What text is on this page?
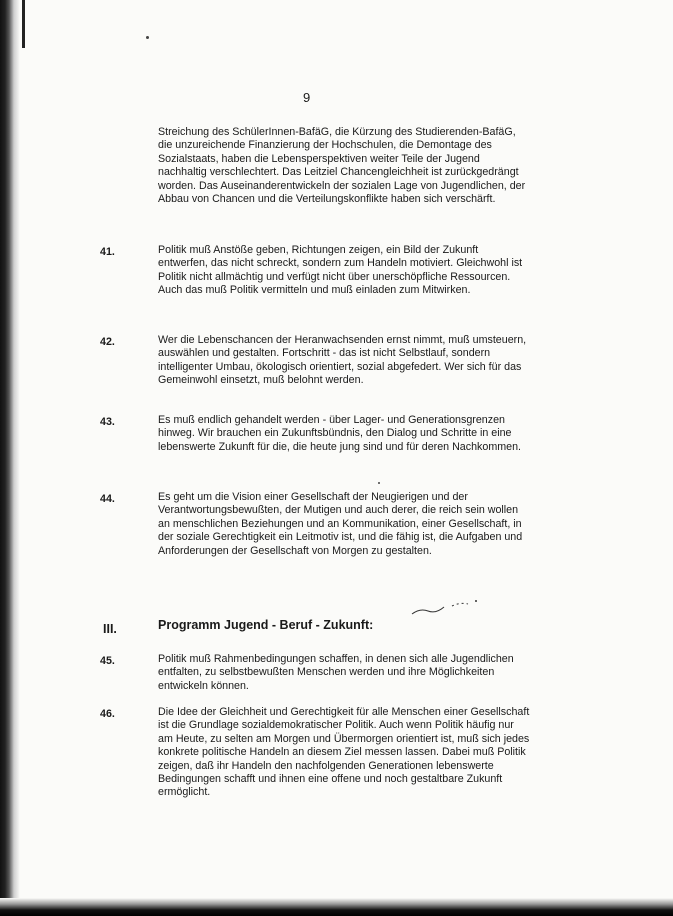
9
Streichung des SchülerInnen-BafäG, die Kürzung des Studierenden-BafäG, die unzureichende Finanzierung der Hochschulen, die Demontage des Sozialstaats, haben die Lebensperspektiven weiter Teile der Jugend nachhaltig verschlechtert. Das Leitziel Chancengleichheit ist zurückgedrängt worden. Das Auseinanderentwickeln der sozialen Lage von Jugendlichen, der Abbau von Chancen und die Verteilungskonflikte haben sich verschärft.
41.	Politik muß Anstöße geben, Richtungen zeigen, ein Bild der Zukunft entwerfen, das nicht schreckt, sondern zum Handeln motiviert. Gleichwohl ist Politik nicht allmächtig und verfügt nicht über unerschöpfliche Ressourcen. Auch das muß Politik vermitteln und muß einladen zum Mitwirken.
42.	Wer die Lebenschancen der Heranwachsenden ernst nimmt, muß umsteuern, auswählen und gestalten. Fortschritt - das ist nicht Selbstlauf, sondern intelligenter Umbau, ökologisch orientiert, sozial abgefedert. Wer sich für das Gemeinwohl einsetzt, muß belohnt werden.
43.	Es muß endlich gehandelt werden - über Lager- und Generationsgrenzen hinweg. Wir brauchen ein Zukunftsbündnis, den Dialog und Schritte in eine lebenswerte Zukunft für die, die heute jung sind und für deren Nachkommen.
44.	Es geht um die Vision einer Gesellschaft der Neugierigen und der Verantwortungsbewußten, der Mutigen und auch derer, die reich sein wollen an menschlichen Beziehungen und an Kommunikation, einer Gesellschaft, in der soziale Gerechtigkeit ein Leitmotiv ist, und die fähig ist, die Aufgaben und Anforderungen der Gesellschaft von Morgen zu gestalten.
III.	Programm Jugend - Beruf - Zukunft:
45.	Politik muß Rahmenbedingungen schaffen, in denen sich alle Jugendlichen entfalten, zu selbstbewußten Menschen werden und ihre Möglichkeiten entwickeln können.
46.	Die Idee der Gleichheit und Gerechtigkeit für alle Menschen einer Gesellschaft ist die Grundlage sozialdemokratischer Politik. Auch wenn Politik häufig nur am Heute, zu selten am Morgen und Übermorgen orientiert ist, muß sich jedes konkrete politische Handeln an diesem Ziel messen lassen. Dabei muß Politik zeigen, daß ihr Handeln den nachfolgenden Generationen lebenswerte Bedingungen schafft und ihnen eine offene und noch gestaltbare Zukunft ermöglicht.
